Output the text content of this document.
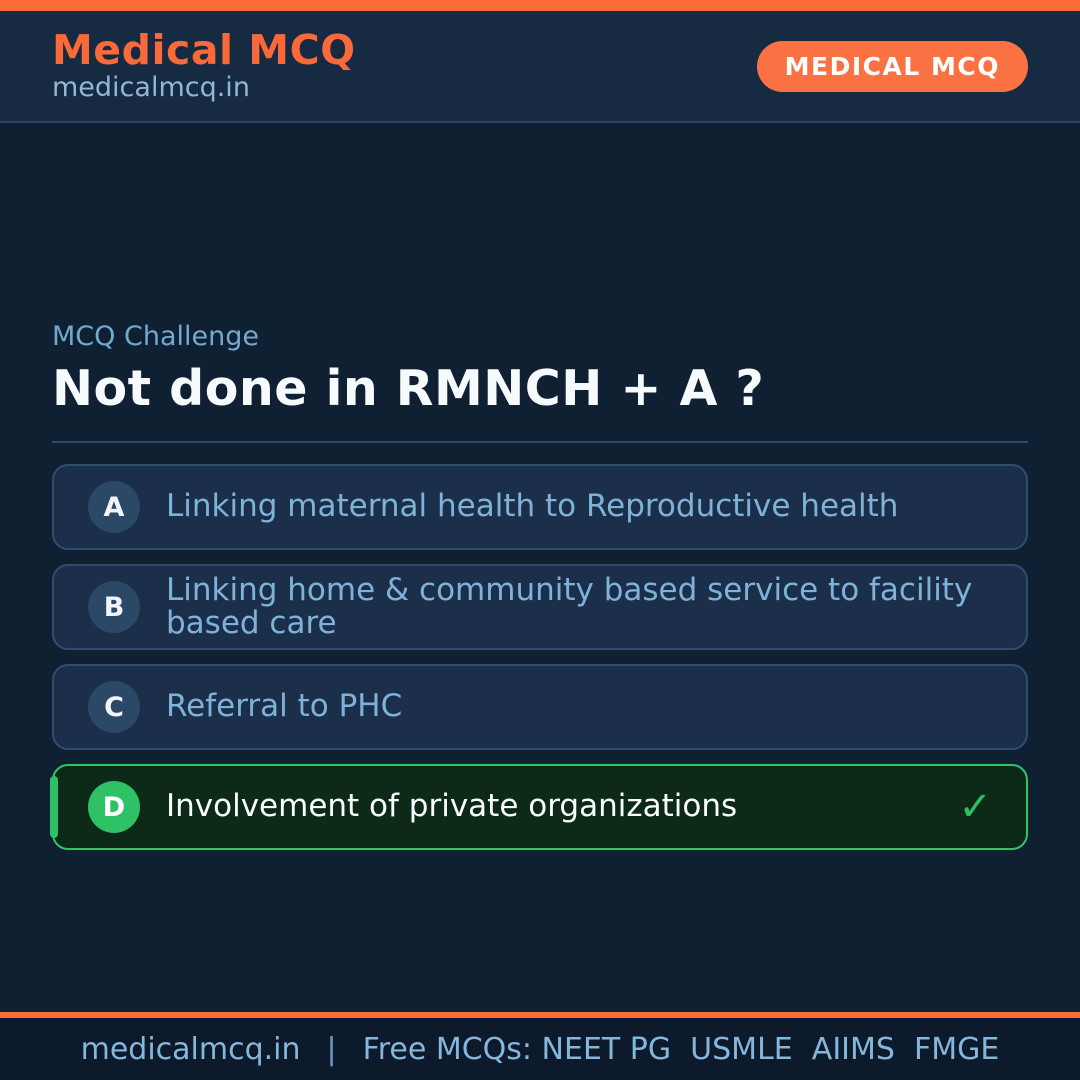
Medical MCQ
medicalmcq.in
MEDICAL MCQ
MCQ Challenge
Not done in RMNCH + A ?
A	Linking maternal health to Reproductive health
B	Linking home & community based service to facility based care
C	Referral to PHC
D	Involvement of private organizations	✓
medicalmcq.in | Free MCQs: NEET PG  USMLE  AIIMS  FMGE
